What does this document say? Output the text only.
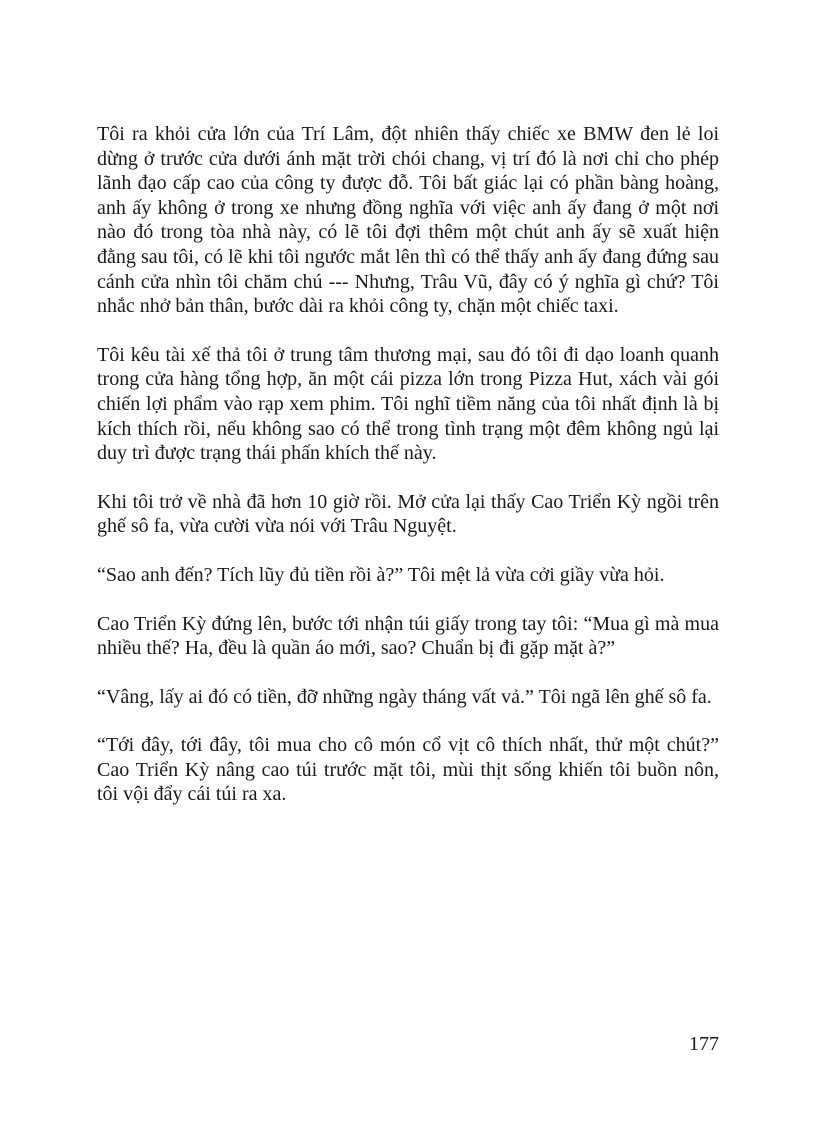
Tôi ra khỏi cửa lớn của Trí Lâm, đột nhiên thấy chiếc xe BMW đen lẻ loi dừng ở trước cửa dưới ánh mặt trời chói chang, vị trí đó là nơi chỉ cho phép lãnh đạo cấp cao của công ty được đỗ. Tôi bất giác lại có phần bàng hoàng, anh ấy không ở trong xe nhưng đồng nghĩa với việc anh ấy đang ở một nơi nào đó trong tòa nhà này, có lẽ tôi đợi thêm một chút anh ấy sẽ xuất hiện đằng sau tôi, có lẽ khi tôi ngước mắt lên thì có thể thấy anh ấy đang đứng sau cánh cửa nhìn tôi chăm chú --- Nhưng, Trâu Vũ, đây có ý nghĩa gì chứ? Tôi nhắc nhở bản thân, bước dài ra khỏi công ty, chặn một chiếc taxi.

Tôi kêu tài xế thả tôi ở trung tâm thương mại, sau đó tôi đi dạo loanh quanh trong cửa hàng tổng hợp, ăn một cái pizza lớn trong Pizza Hut, xách vài gói chiến lợi phẩm vào rạp xem phim. Tôi nghĩ tiềm năng của tôi nhất định là bị kích thích rồi, nếu không sao có thể trong tình trạng một đêm không ngủ lại duy trì được trạng thái phấn khích thế này.

Khi tôi trở về nhà đã hơn 10 giờ rồi. Mở cửa lại thấy Cao Triển Kỳ ngồi trên ghế sô fa, vừa cười vừa nói với Trâu Nguyệt.

“Sao anh đến? Tích lũy đủ tiền rồi à?” Tôi mệt lả vừa cởi giầy vừa hỏi.

Cao Triển Kỳ đứng lên, bước tới nhận túi giấy trong tay tôi: “Mua gì mà mua nhiều thế? Ha, đều là quần áo mới, sao? Chuẩn bị đi gặp mặt à?”

“Vâng, lấy ai đó có tiền, đỡ những ngày tháng vất vả.” Tôi ngã lên ghế sô fa.

“Tới đây, tới đây, tôi mua cho cô món cổ vịt cô thích nhất, thử một chút?” Cao Triển Kỳ nâng cao túi trước mặt tôi, mùi thịt sống khiến tôi buồn nôn, tôi vội đẩy cái túi ra xa.

177
